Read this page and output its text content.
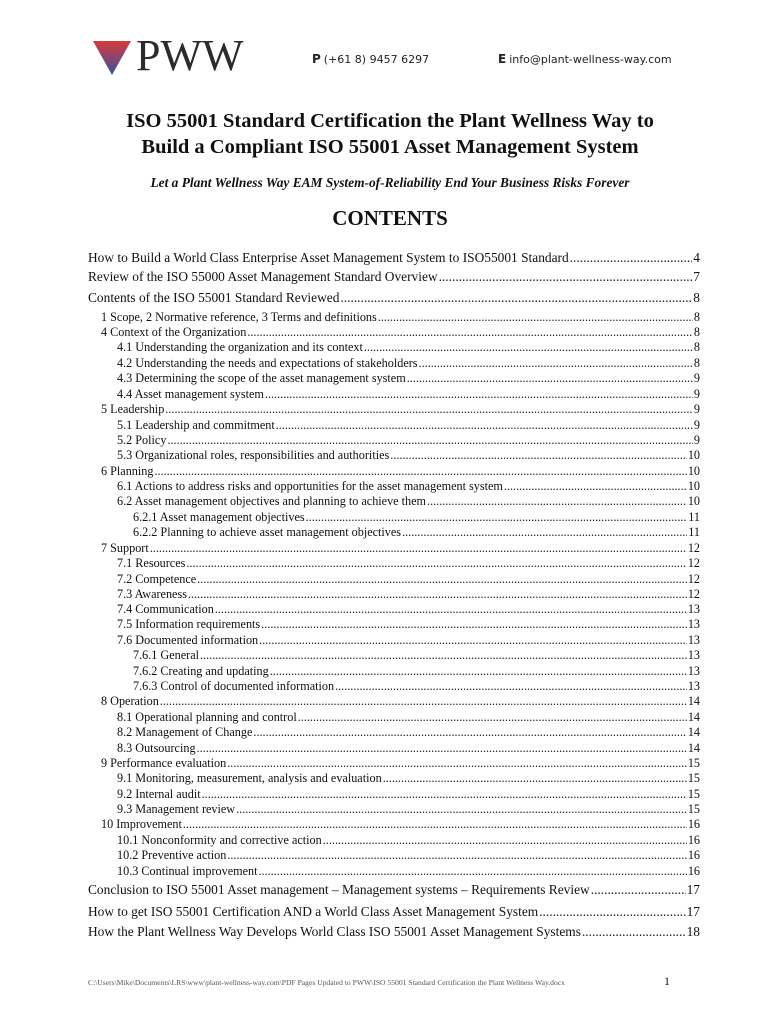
PWW	P (+61 8) 9457 6297	E info@plant-wellness-way.com
ISO 55001 Standard Certification the Plant Wellness Way to
Build a Compliant ISO 55001 Asset Management System
Let a Plant Wellness Way EAM System-of-Reliability End Your Business Risks Forever
CONTENTS
How to Build a World Class Enterprise Asset Management System to ISO55001 Standard .....	4
Review of the ISO 55000 Asset Management Standard Overview .....	7
Contents of the ISO 55001 Standard Reviewed .....	8
1 Scope, 2 Normative reference, 3 Terms and definitions .....	8
4 Context of the Organization .....	8
4.1 Understanding the organization and its context .....	8
4.2 Understanding the needs and expectations of stakeholders .....	8
4.3 Determining the scope of the asset management system .....	9
4.4 Asset management system .....	9
5 Leadership .....	9
5.1 Leadership and commitment .....	9
5.2 Policy .....	9
5.3 Organizational roles, responsibilities and authorities .....	10
6 Planning .....	10
6.1 Actions to address risks and opportunities for the asset management system .....	10
6.2 Asset management objectives and planning to achieve them .....	10
6.2.1 Asset management objectives .....	11
6.2.2 Planning to achieve asset management objectives .....	11
7 Support .....	12
7.1 Resources .....	12
7.2 Competence .....	12
7.3 Awareness .....	12
7.4 Communication .....	13
7.5 Information requirements .....	13
7.6 Documented information .....	13
7.6.1 General .....	13
7.6.2 Creating and updating .....	13
7.6.3 Control of documented information .....	13
8 Operation .....	14
8.1 Operational planning and control .....	14
8.2 Management of Change .....	14
8.3 Outsourcing .....	14
9 Performance evaluation .....	15
9.1 Monitoring, measurement, analysis and evaluation .....	15
9.2 Internal audit .....	15
9.3 Management review .....	15
10 Improvement .....	16
10.1 Nonconformity and corrective action .....	16
10.2 Preventive action .....	16
10.3 Continual improvement .....	16
Conclusion to ISO 55001 Asset management – Management systems – Requirements Review .....	17
How to get ISO 55001 Certification AND a World Class Asset Management System .....	17
How the Plant Wellness Way Develops World Class ISO 55001 Asset Management Systems .....	18
C:\Users\Mike\Documents\LRS\www\plant-wellness-way.com\PDF Pages Updated to PWW\ISO 55001 Standard Certification the Plant Wellness Way.docx	1
